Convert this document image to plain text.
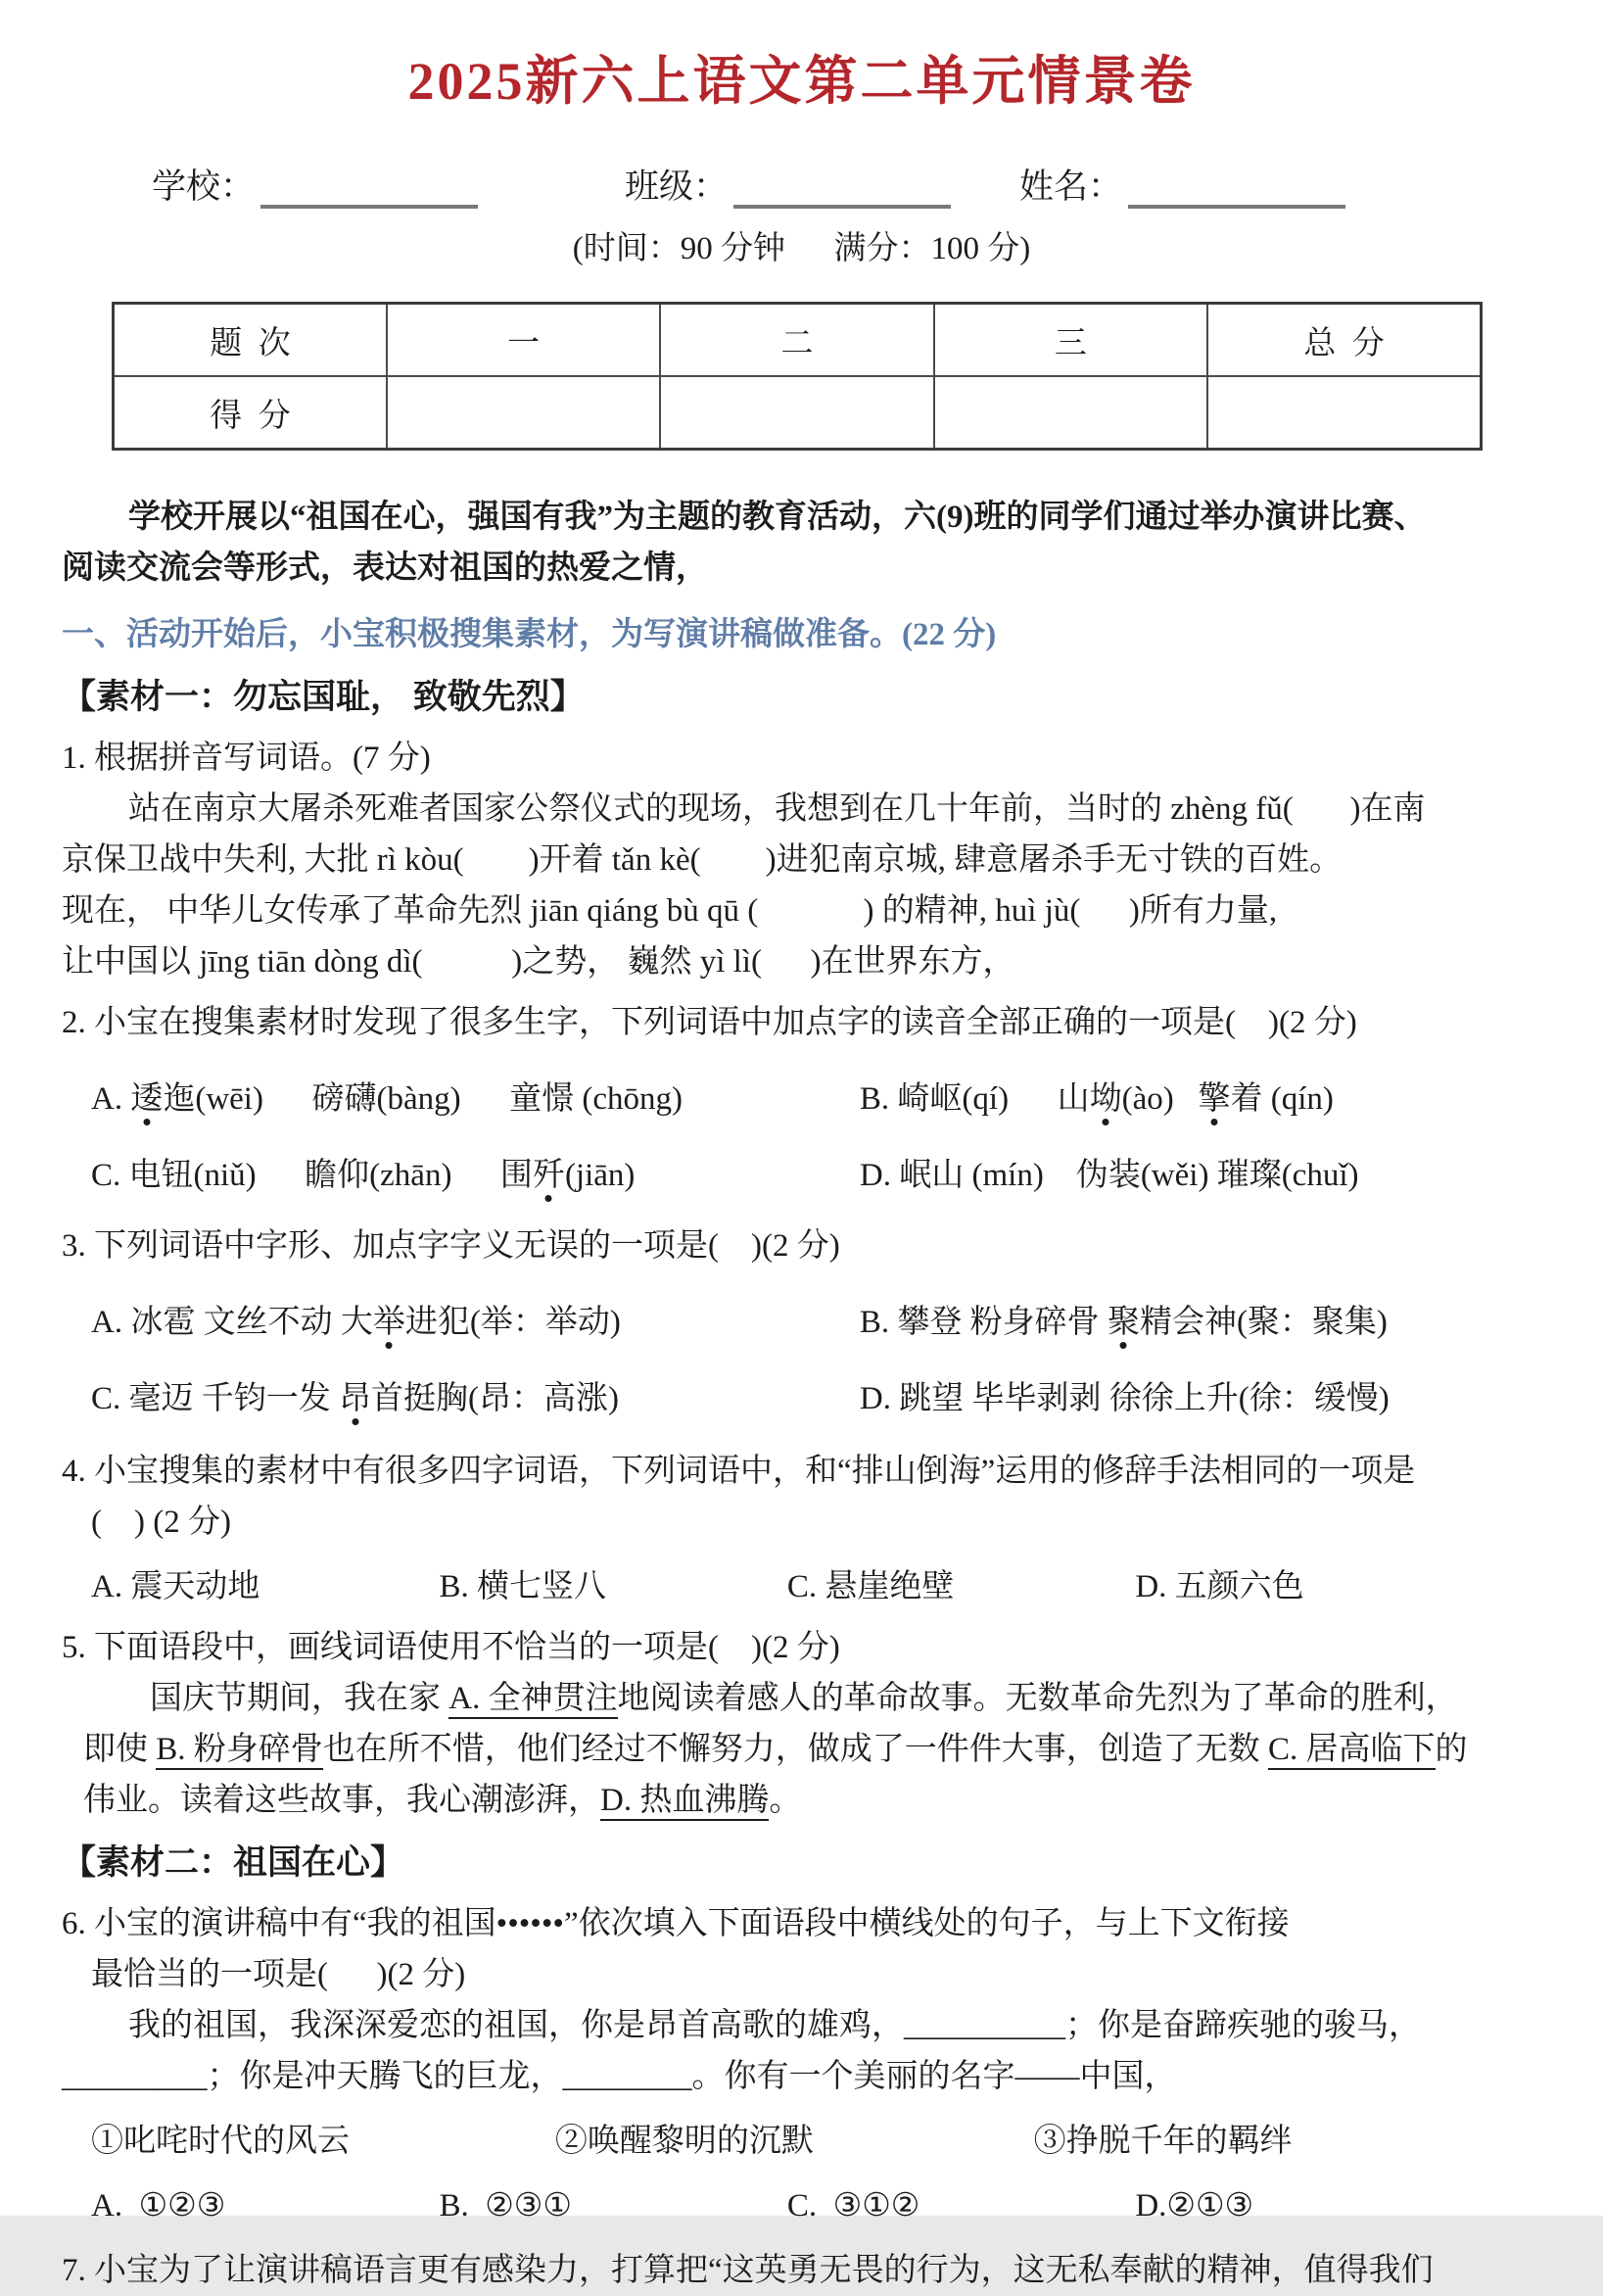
2025新六上语文第二单元情景卷
学校：	班级：	姓名：
(时间：90 分钟      满分：100 分)
题  次	一	二	三	总  分
得  分				
学校开展以“祖国在心，强国有我”为主题的教育活动，六(9)班的同学们通过举办演讲比赛、
阅读交流会等形式，表达对祖国的热爱之情，
一、活动开始后，小宝积极搜集素材，为写演讲稿做准备。(22 分)
【素材一：勿忘国耻， 致敬先烈】
1. 根据拼音写词语。(7 分)
站在南京大屠杀死难者国家公祭仪式的现场，我想到在几十年前，当时的 zhèng fǔ(       )在南
京保卫战中失利, 大批 rì kòu(        )开着 tǎn kè(        )进犯南京城, 肆意屠杀手无寸铁的百姓。
现在， 中华儿女传承了革命先烈 jiān qiáng bù qū (             ) 的精神, huì jù(      )所有力量,
让中国以 jīng tiān dòng dì(           )之势， 巍然 yì lì(      )在世界东方，
2. 小宝在搜集素材时发现了很多生字，下列词语中加点字的读音全部正确的一项是(    )(2 分)
A. 逶迤(wēi)      磅礴(bàng)      童憬 (chōng)	B. 崎岖(qí)      山坳(ào)   擎着 (qín)
C. 电钮(niǔ)      瞻仰(zhān)      围歼(jiān)	D. 岷山 (mín)    伪装(wěi) 璀璨(chuǐ)
3. 下列词语中字形、加点字字义无误的一项是(    )(2 分)
A. 冰雹 文丝不动 大举进犯(举：举动)	B. 攀登 粉身碎骨 聚精会神(聚：聚集)
C. 毫迈 千钧一发 昂首挺胸(昂：高涨)	D. 跳望 毕毕剥剥 徐徐上升(徐：缓慢)
4. 小宝搜集的素材中有很多四字词语，下列词语中，和“排山倒海”运用的修辞手法相同的一项是
(    ) (2 分)
A. 震天动地	B. 横七竖八	C. 悬崖绝壁	D. 五颜六色
5. 下面语段中，画线词语使用不恰当的一项是(    )(2 分)
国庆节期间，我在家 A. 全神贯注地阅读着感人的革命故事。无数革命先烈为了革命的胜利，
即使 B. 粉身碎骨也在所不惜，他们经过不懈努力，做成了一件件大事，创造了无数 C. 居高临下的
伟业。读着这些故事，我心潮澎湃，D. 热血沸腾。
【素材二：祖国在心】
6. 小宝的演讲稿中有“我的祖国••••••”依次填入下面语段中横线处的句子，与上下文衔接
最恰当的一项是(      )(2 分)
我的祖国，我深深爱恋的祖国，你是昂首高歌的雄鸡，__________；你是奋蹄疾驰的骏马，
_________；你是冲天腾飞的巨龙，________。你有一个美丽的名字——中国，
①叱咤时代的风云	②唤醒黎明的沉默	③挣脱千年的羁绊
A.  ①②③	B.  ②③①	C.  ③①②	D.②①③
7. 小宝为了让演讲稿语言更有感染力，打算把“这英勇无畏的行为，这无私奉献的精神，值得我们
